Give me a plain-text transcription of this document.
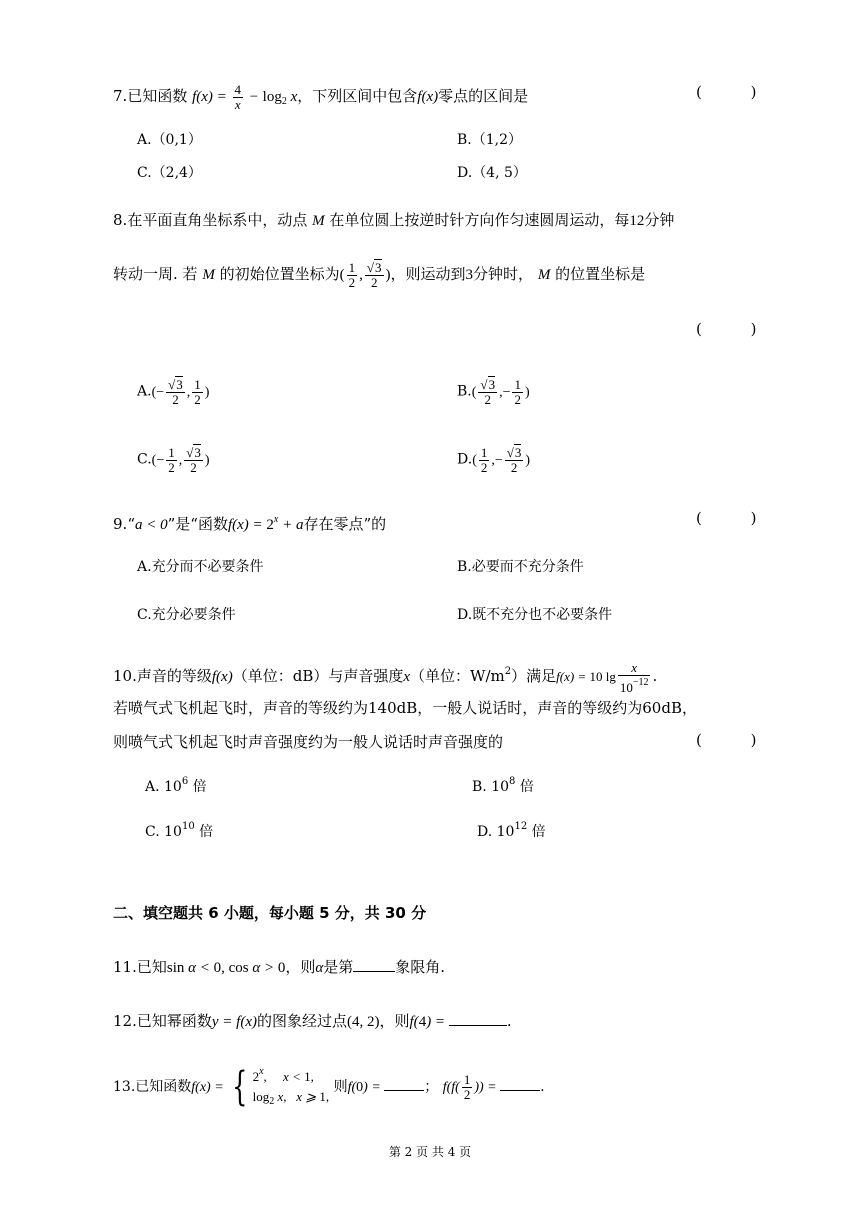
7.已知函数 $f(x) = \frac{4}{x} - \log_2 x$，下列区间中包含f(x)零点的区间是	( )
A.（0,1）	B.（1,2）
C.（2,4）	D.（4, 5）
8.在平面直角坐标系中，动点 M 在单位圆上按逆时针方向作匀速圆周运动，每12分钟
转动一周. 若 M 的初始位置坐标为( $\frac{1}{2}$ , $\frac{√3}{2}$ )，则运动到3分钟时， M 的位置坐标是
( )
$A.(- \frac{√3}{2}$ , $\frac{1}{2}$ )	$B.( \frac{√3}{2}$ ,− $\frac{1}{2}$ )
$C.(- \frac{1}{2}$ , $\frac{√3}{2}$ )	$D.( \frac{1}{2}$ ,− $\frac{√3}{2}$ )
9.“a < 0”是“函数$f(x) = 2^x + a$存在零点”的	( )
A.充分而不必要条件	B.必要而不充分条件
C.充分必要条件	D.既不充分也不必要条件
10.声音的等级f(x)（单位：dB）与声音强度x（单位：$W/m^2$）满足f(x) = 10 $\lg \frac{x}{10^{-12}}$ .
若喷气式飞机起飞时，声音的等级约为140dB，一般人说话时，声音的等级约为60dB，
则喷气式飞机起飞时声音强度约为一般人说话时声音强度的	( )
A. $10^6$ 倍	B. $10^8$ 倍
C. $10^{10}$ 倍	D. $10^{12}$ 倍
二、填空题共 6 小题，每小题 5 分，共 30 分
11.已知sin α < 0, cos α > 0，则α是第	象限角.
12.已知幂函数y = f(x)的图象经过点(4, 2)，则f(4) =	.
13.已知函数f(x) = { 2$^x$,     x < 1,
$\log_2 x$,   x ⩾ 1,
则f(0) =	； $f(f( \frac{1}{2}$ )) =	.
第 2 页 共 4 页
